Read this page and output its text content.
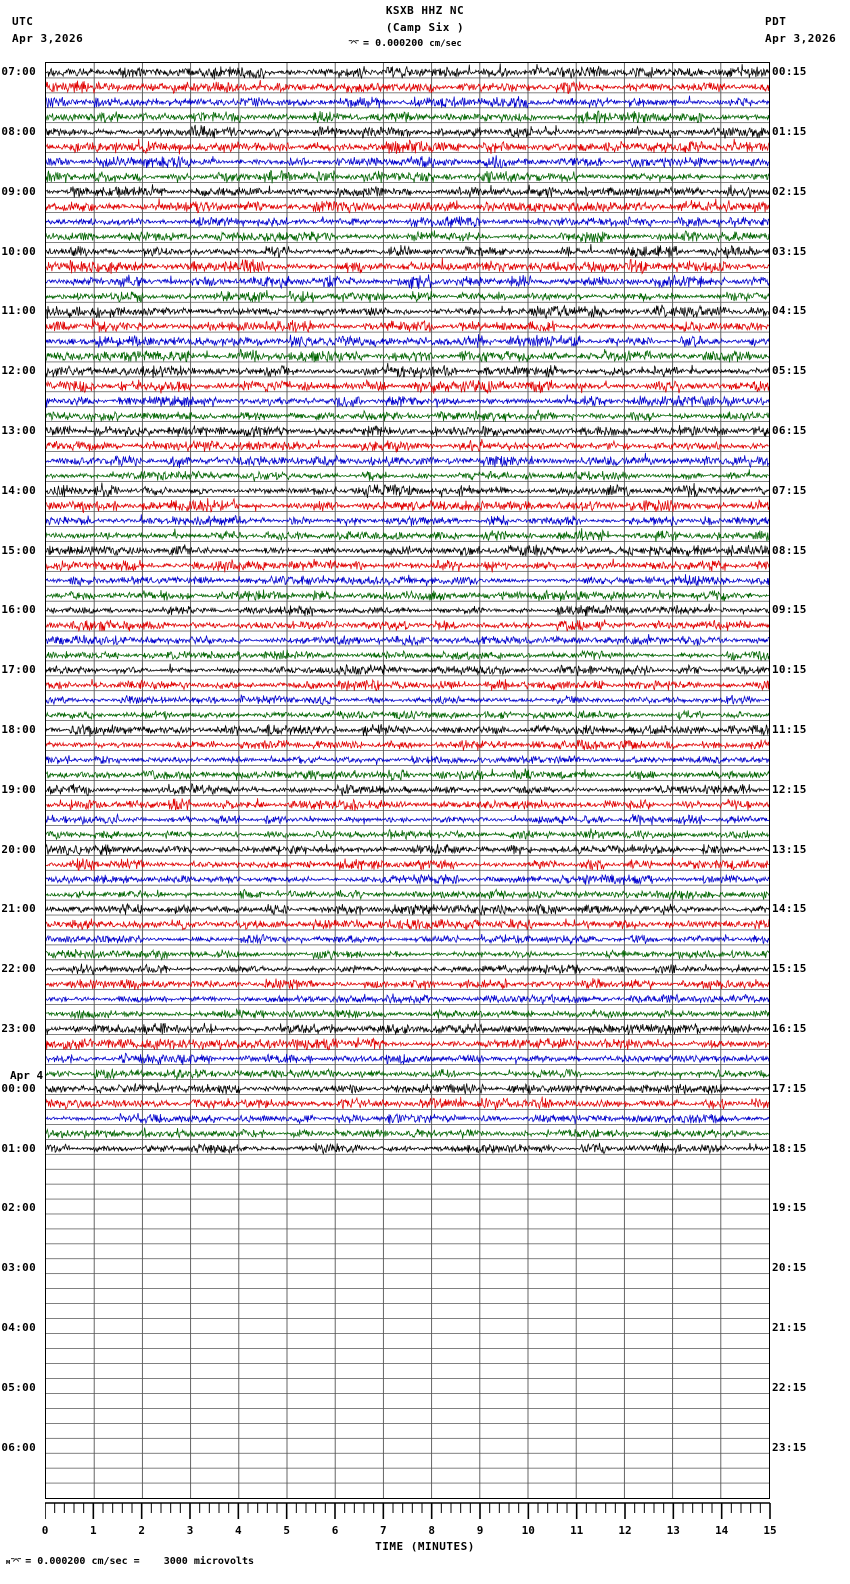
KSXB HHZ NC
(Camp Six )
UTC
Apr 3,2026
PDT
Apr 3,2026
⌤ = 0.000200 cm/sec
07:00
08:00
09:00
10:00
11:00
12:00
13:00
14:00
15:00
16:00
17:00
18:00
19:00
20:00
21:00
22:00
23:00
00:00
01:00
02:00
03:00
04:00
05:00
06:00
00:15
01:15
02:15
03:15
04:15
05:15
06:15
07:15
08:15
09:15
10:15
11:15
12:15
13:15
14:15
15:15
16:15
17:15
18:15
19:15
20:15
21:15
22:15
23:15
Apr 4
0	1	2	3	4	5	6	7	8	9	10	11	12	13	14	15
TIME (MINUTES)
м⌤ = 0.000200 cm/sec =    3000 microvolts
